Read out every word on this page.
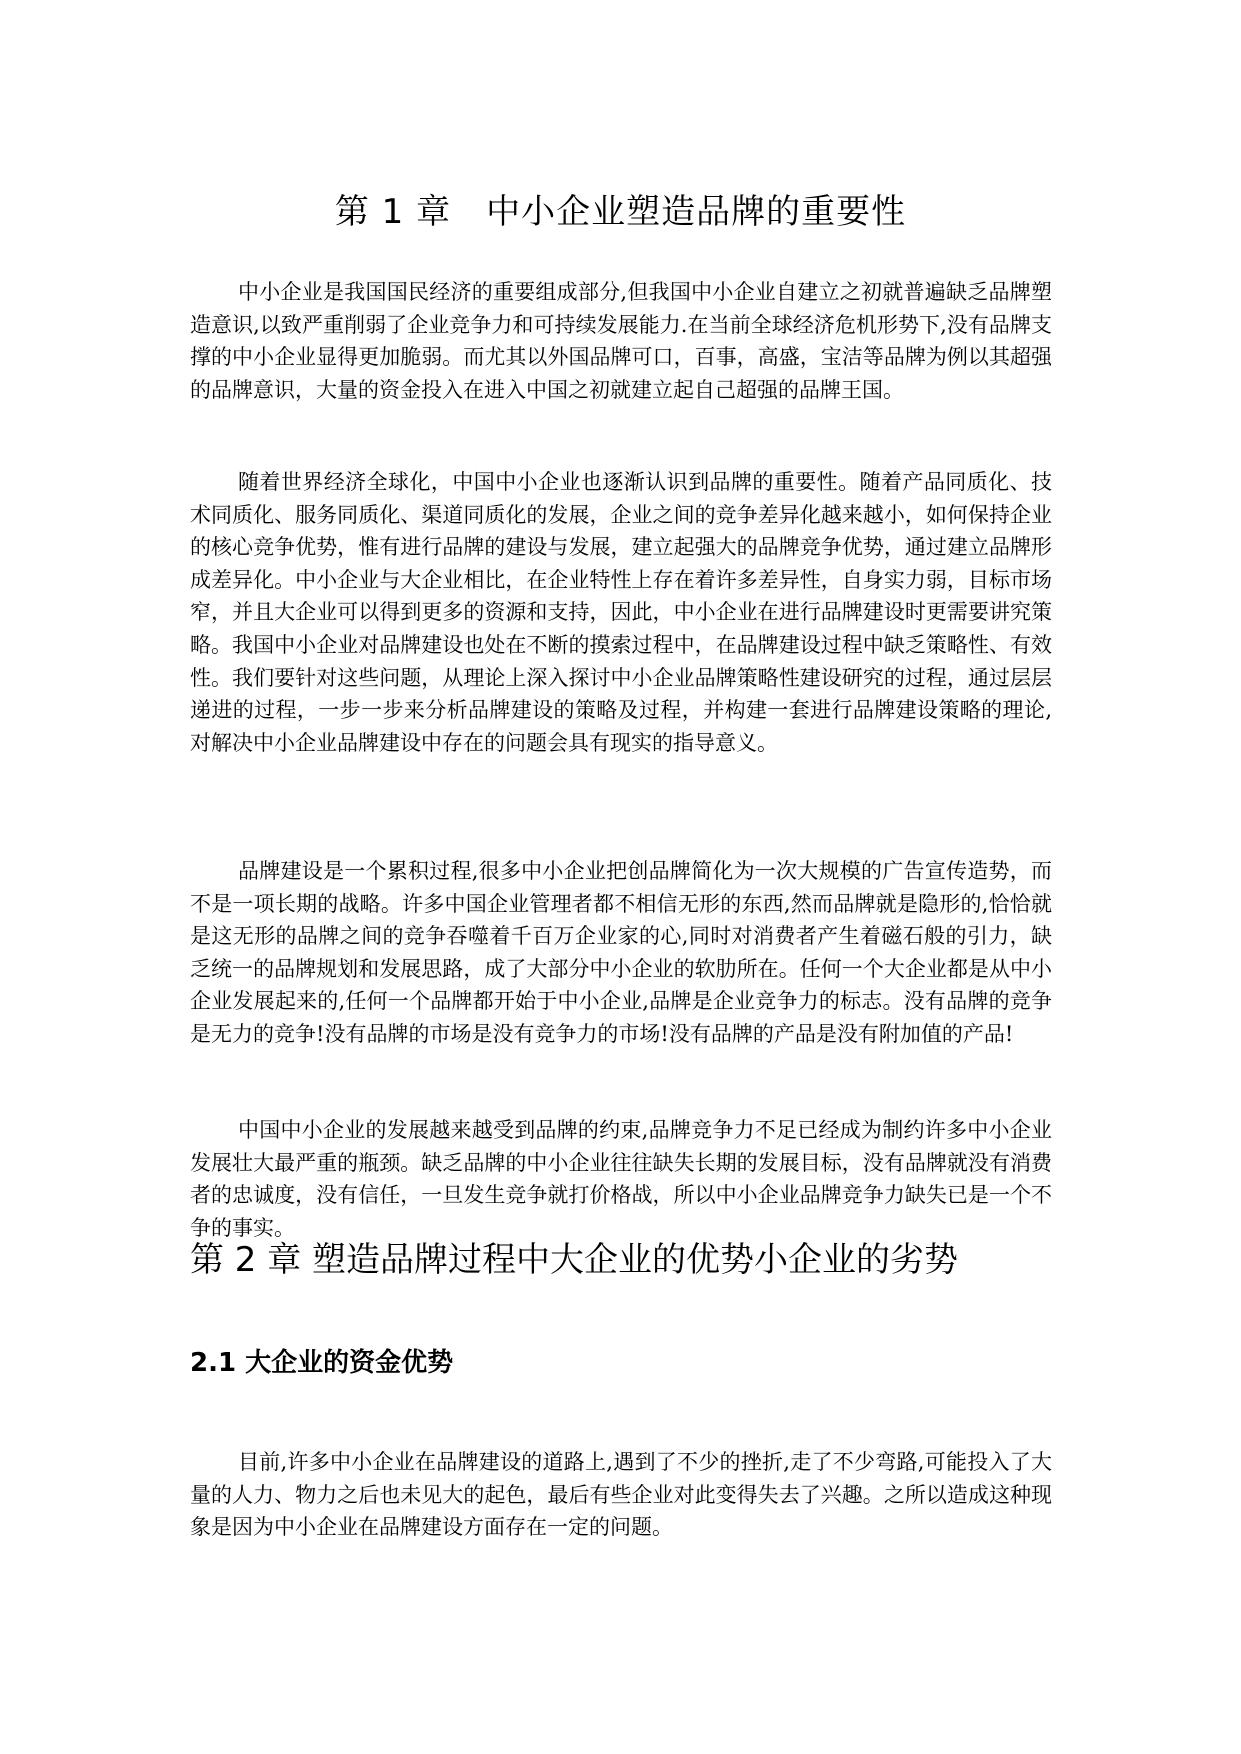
第 1 章　中小企业塑造品牌的重要性

中小企业是我国国民经济的重要组成部分,但我国中小企业自建立之初就普遍缺乏品牌塑造意识,以致严重削弱了企业竞争力和可持续发展能力.在当前全球经济危机形势下,没有品牌支撑的中小企业显得更加脆弱。而尤其以外国品牌可口，百事，高盛，宝洁等品牌为例以其超强的品牌意识，大量的资金投入在进入中国之初就建立起自己超强的品牌王国。

随着世界经济全球化，中国中小企业也逐渐认识到品牌的重要性。随着产品同质化、技术同质化、服务同质化、渠道同质化的发展，企业之间的竞争差异化越来越小，如何保持企业的核心竞争优势，惟有进行品牌的建设与发展，建立起强大的品牌竞争优势，通过建立品牌形成差异化。中小企业与大企业相比，在企业特性上存在着许多差异性，自身实力弱，目标市场窄，并且大企业可以得到更多的资源和支持，因此，中小企业在进行品牌建设时更需要讲究策略。我国中小企业对品牌建设也处在不断的摸索过程中，在品牌建设过程中缺乏策略性、有效性。我们要针对这些问题，从理论上深入探讨中小企业品牌策略性建设研究的过程，通过层层递进的过程，一步一步来分析品牌建设的策略及过程，并构建一套进行品牌建设策略的理论,对解决中小企业品牌建设中存在的问题会具有现实的指导意义。

品牌建设是一个累积过程,很多中小企业把创品牌简化为一次大规模的广告宣传造势，而不是一项长期的战略。许多中国企业管理者都不相信无形的东西,然而品牌就是隐形的,恰恰就是这无形的品牌之间的竞争吞噬着千百万企业家的心,同时对消费者产生着磁石般的引力，缺乏统一的品牌规划和发展思路，成了大部分中小企业的软肋所在。任何一个大企业都是从中小企业发展起来的,任何一个品牌都开始于中小企业,品牌是企业竞争力的标志。没有品牌的竞争是无力的竞争!没有品牌的市场是没有竞争力的市场!没有品牌的产品是没有附加值的产品!

中国中小企业的发展越来越受到品牌的约束,品牌竞争力不足已经成为制约许多中小企业发展壮大最严重的瓶颈。缺乏品牌的中小企业往往缺失长期的发展目标，没有品牌就没有消费者的忠诚度，没有信任，一旦发生竞争就打价格战，所以中小企业品牌竞争力缺失已是一个不争的事实。

第 2 章 塑造品牌过程中大企业的优势小企业的劣势
2.1 大企业的资金优势

目前,许多中小企业在品牌建设的道路上,遇到了不少的挫折,走了不少弯路,可能投入了大量的人力、物力之后也未见大的起色，最后有些企业对此变得失去了兴趣。之所以造成这种现象是因为中小企业在品牌建设方面存在一定的问题。
